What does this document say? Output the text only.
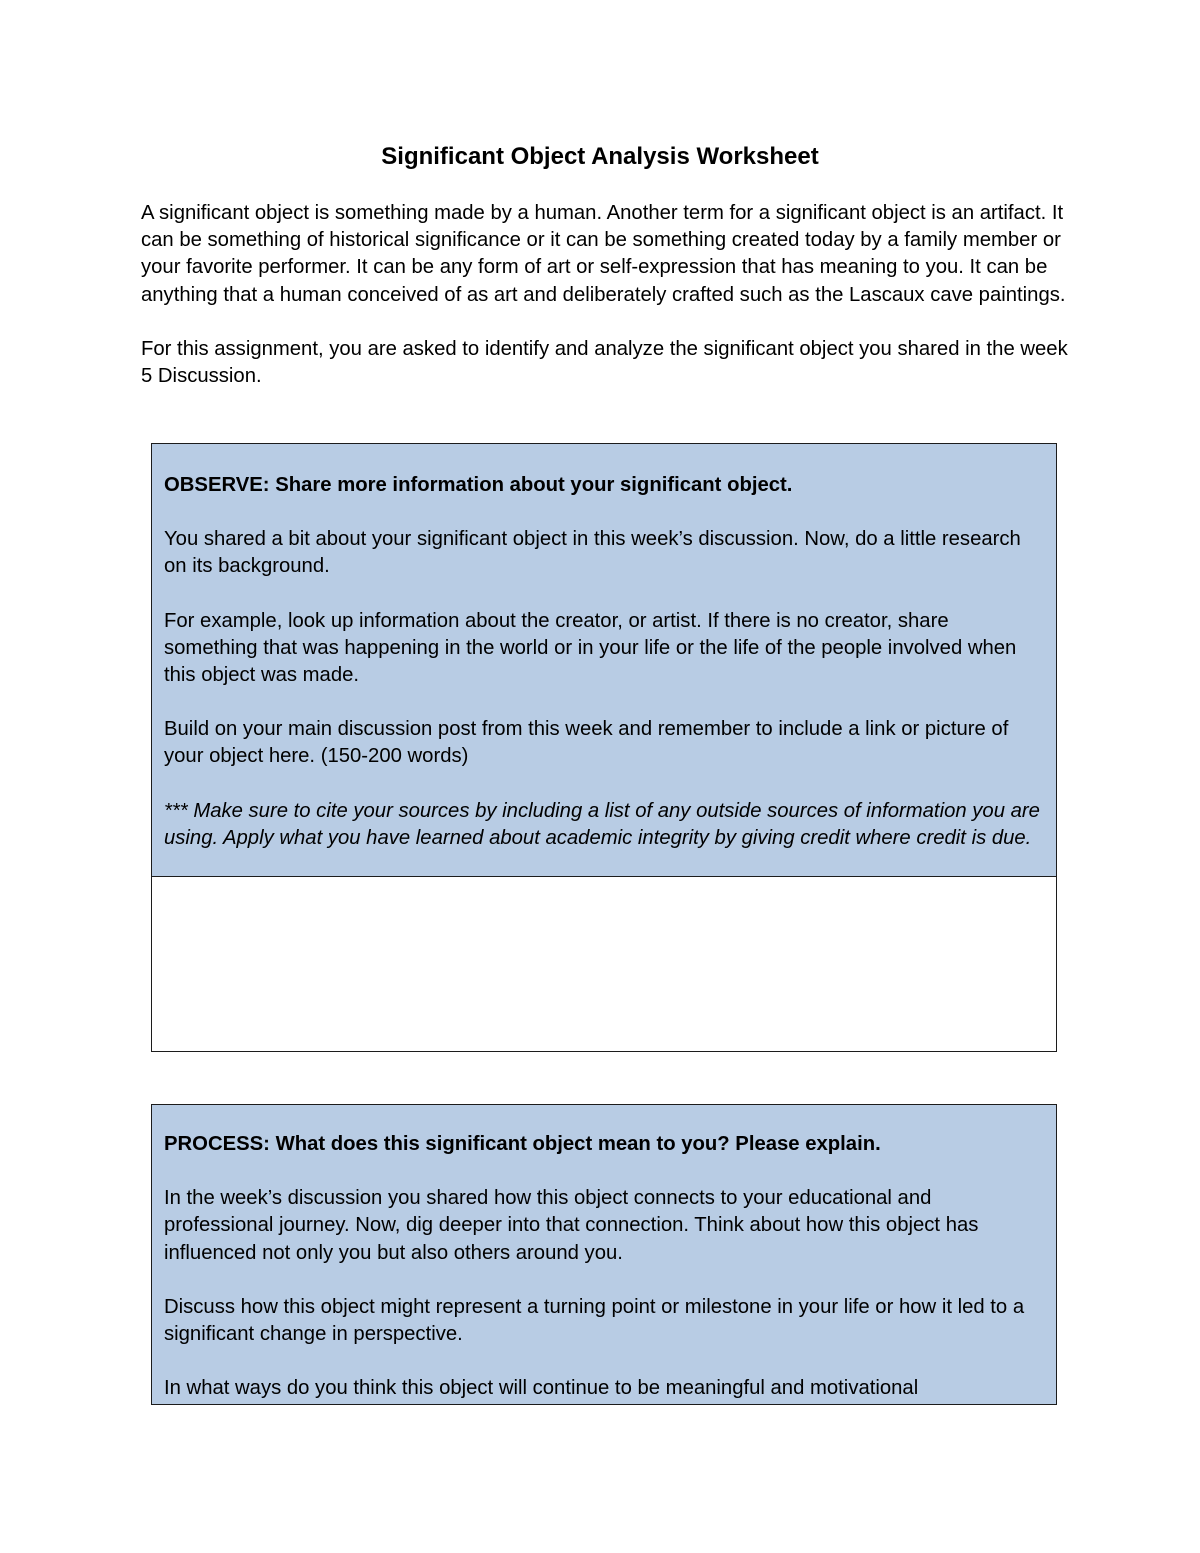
Significant Object Analysis Worksheet

A significant object is something made by a human. Another term for a significant object is an artifact. It can be something of historical significance or it can be something created today by a family member or your favorite performer. It can be any form of art or self-expression that has meaning to you. It can be anything that a human conceived of as art and deliberately crafted such as the Lascaux cave paintings.

For this assignment, you are asked to identify and analyze the significant object you shared in the week 5 Discussion.

OBSERVE: Share more information about your significant object.

You shared a bit about your significant object in this week’s discussion. Now, do a little research on its background.

For example, look up information about the creator, or artist. If there is no creator, share something that was happening in the world or in your life or the life of the people involved when this object was made.

Build on your main discussion post from this week and remember to include a link or picture of your object here. (150-200 words)

*** Make sure to cite your sources by including a list of any outside sources of information you are using. Apply what you have learned about academic integrity by giving credit where credit is due.

PROCESS: What does this significant object mean to you? Please explain.

In the week’s discussion you shared how this object connects to your educational and professional journey. Now, dig deeper into that connection. Think about how this object has influenced not only you but also others around you.

Discuss how this object might represent a turning point or milestone in your life or how it led to a significant change in perspective.

In what ways do you think this object will continue to be meaningful and motivational
